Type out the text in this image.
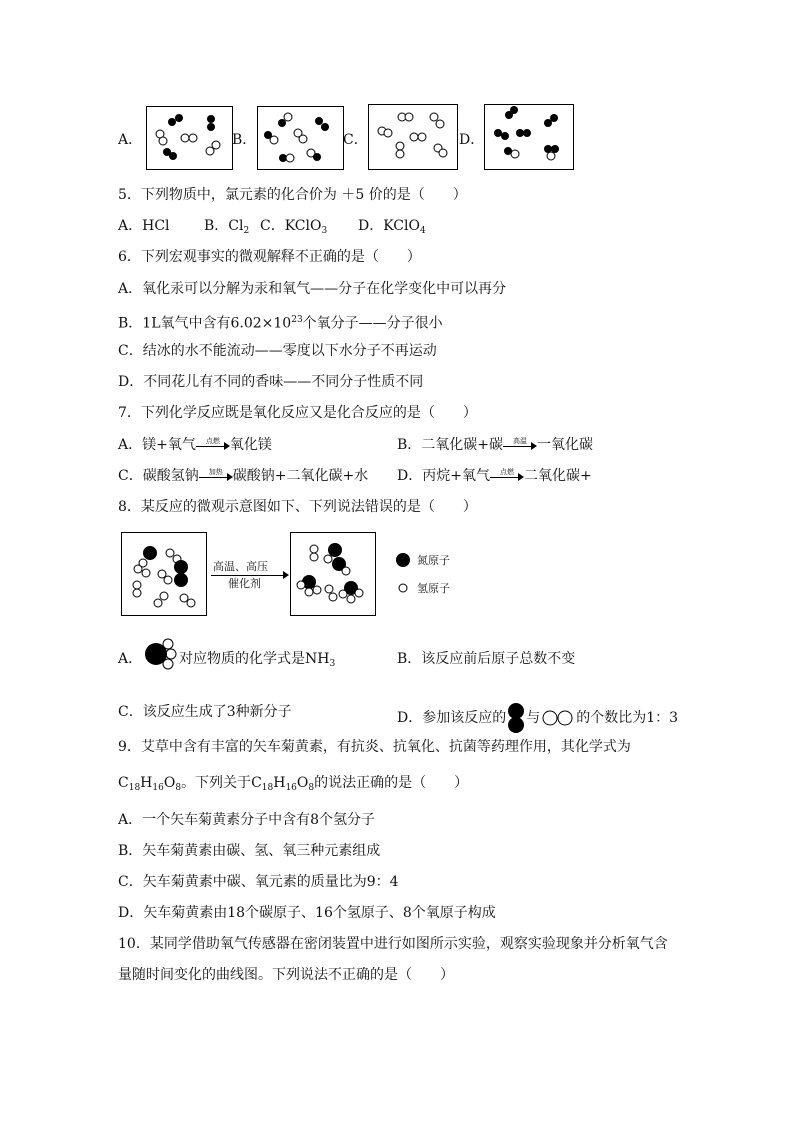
A．	B．	C．	D．
5．下列物质中，氯元素的化合价为 ＋5 价的是（　　）
A．HCl B．$Cl_2$ C．KClO$_3$ D．KClO$_4$
6．下列宏观事实的微观解释不正确的是（　　）
A．氧化汞可以分解为汞和氧气——分子在化学变化中可以再分
B．1L氧气中含有$6.02\times 10^{23}$个氧分子——分子很小
C．结冰的水不能流动——零度以下水分子不再运动
D．不同花儿有不同的香味——不同分子性质不同
7．下列化学反应既是氧化反应又是化合反应的是（　　）
A．镁+氧气	点燃 氧化镁	B．二氧化碳+碳	高温 一氧化碳
C．碳酸氢钠	加热 碳酸钠+二氧化碳+水 D．丙烷+氧气	点燃 二氧化碳+
8．某反应的微观示意图如下、下列说法错误的是（　　）
高温、高压
催化剂
氮原子
氢原子
A．	对应物质的化学式是$NH_3$	B．该反应前后原子总数不变
C．该反应生成了3种新分子	D．参加该反应的 与	的个数比为1：3
9．艾草中含有丰富的矢车菊黄素，有抗炎、抗氧化、抗菌等药理作用，其化学式为
$C_{18}H_{16}O_8$。下列关于$C_{18}H_{16}O_8$的说法正确的是（　　）
A．一个矢车菊黄素分子中含有8个氢分子
B．矢车菊黄素由碳、氢、氧三种元素组成
C．矢车菊黄素中碳、氧元素的质量比为9：4
D．矢车菊黄素由18个碳原子、16个氢原子、8个氧原子构成
10．某同学借助氧气传感器在密闭装置中进行如图所示实验，观察实验现象并分析氧气含
量随时间变化的曲线图。下列说法不正确的是（　　）
